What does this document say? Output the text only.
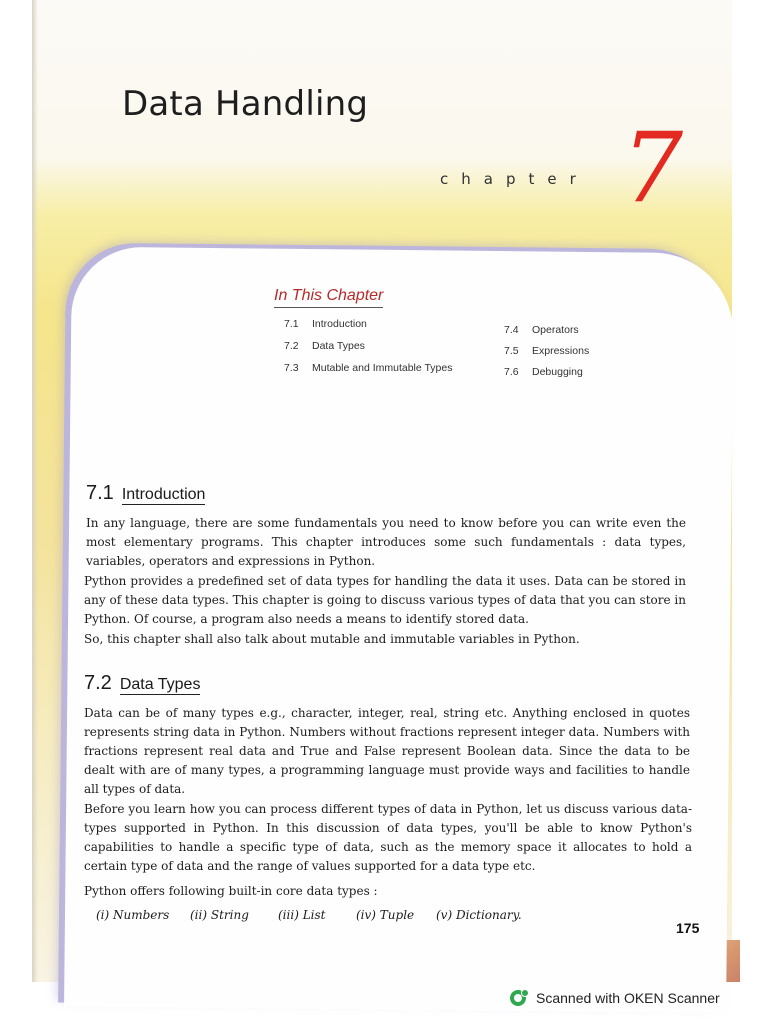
Data Handling
chapter 7
In This Chapter
7.1 Introduction
7.2 Data Types
7.3 Mutable and Immutable Types
7.4 Operators
7.5 Expressions
7.6 Debugging
7.1 Introduction

In any language, there are some fundamentals you need to know before you can write even the most elementary programs. This chapter introduces some such fundamentals : data types, variables, operators and expressions in Python.

Python provides a predefined set of data types for handling the data it uses. Data can be stored in any of these data types. This chapter is going to discuss various types of data that you can store in Python. Of course, a program also needs a means to identify stored data.

So, this chapter shall also talk about mutable and immutable variables in Python.

7.2 Data Types

Data can be of many types e.g., character, integer, real, string etc. Anything enclosed in quotes represents string data in Python. Numbers without fractions represent integer data. Numbers with fractions represent real data and True and False represent Boolean data. Since the data to be dealt with are of many types, a programming language must provide ways and facilities to handle all types of data.

Before you learn how you can process different types of data in Python, let us discuss various data-types supported in Python. In this discussion of data types, you'll be able to know Python's capabilities to handle a specific type of data, such as the memory space it allocates to hold a certain type of data and the range of values supported for a data type etc.

Python offers following built-in core data types :

(i) Numbers (ii) String (iii) List	(iv) Tuple (v) Dictionary.
175
Scanned with OKEN Scanner
